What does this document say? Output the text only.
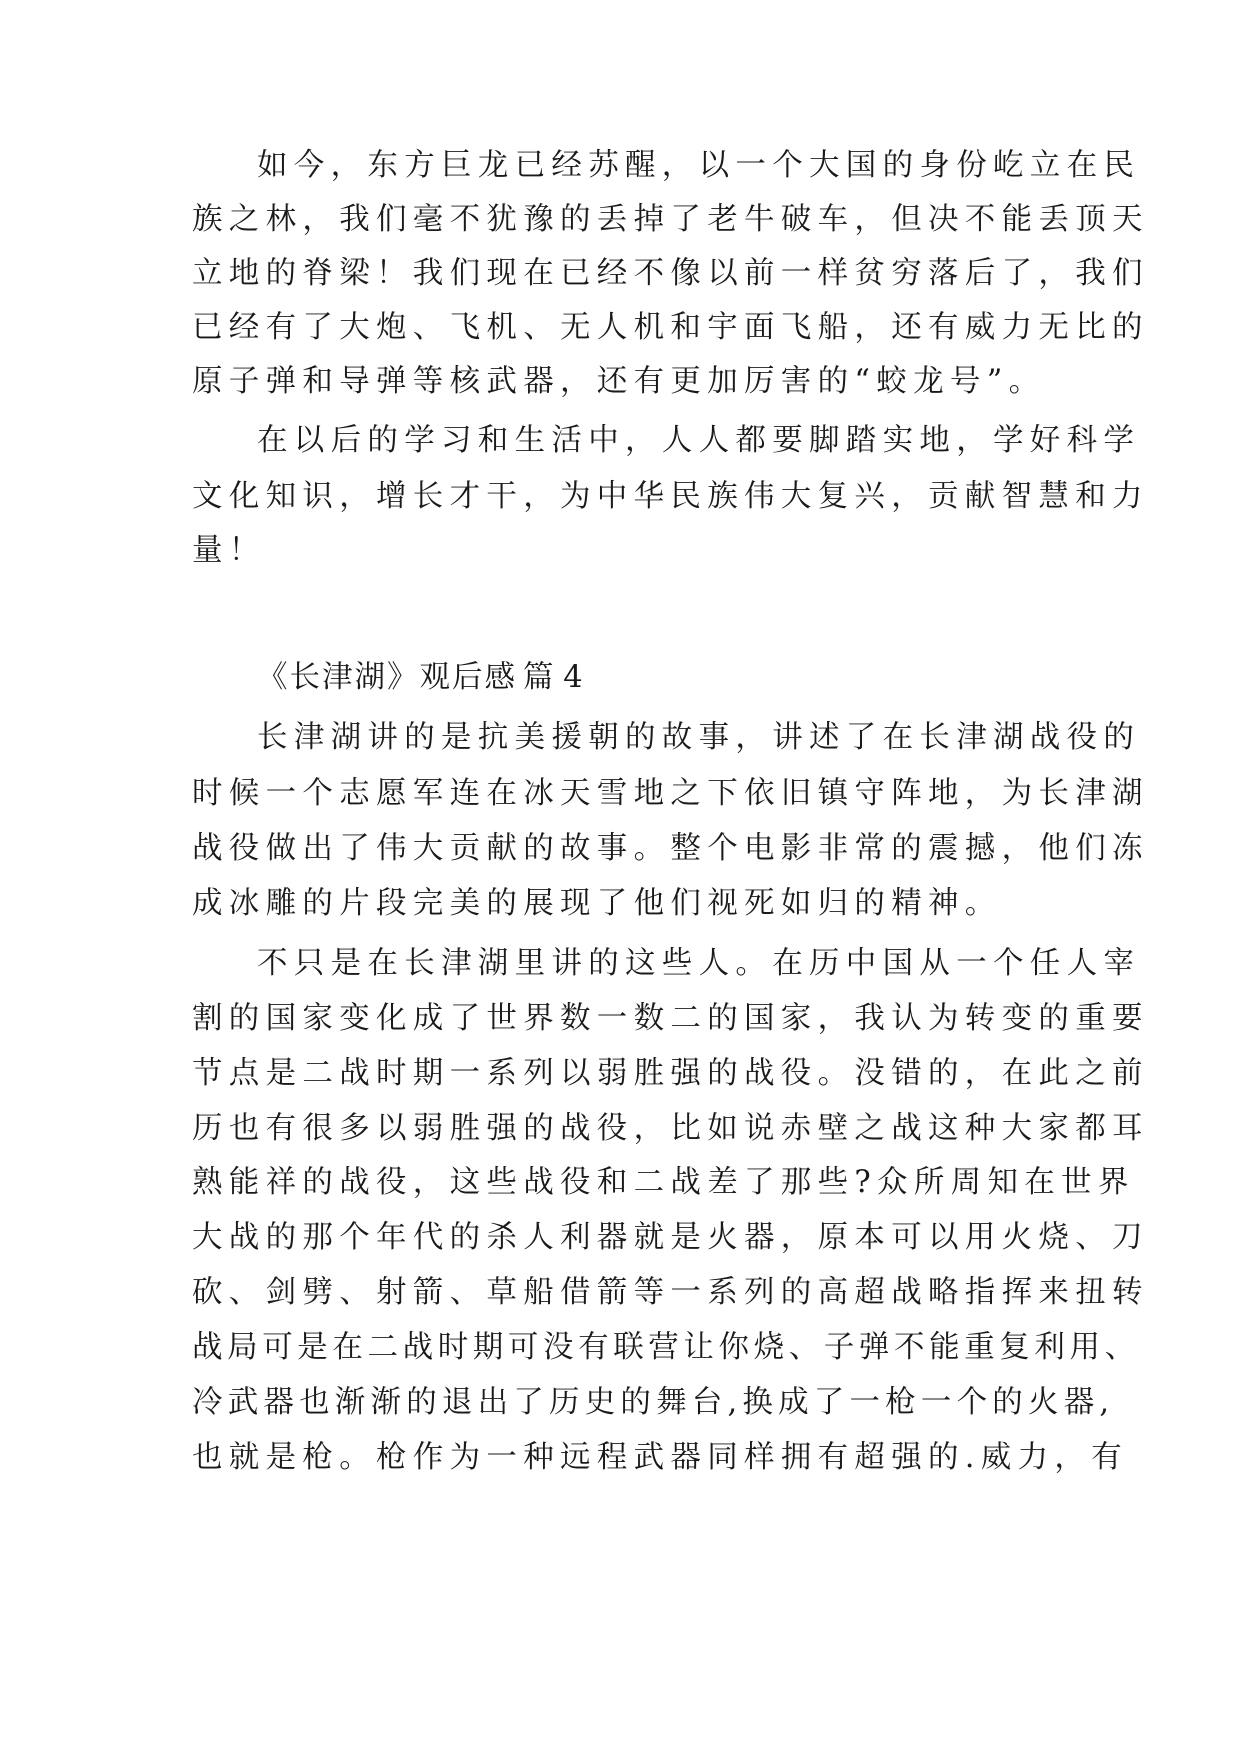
如今，东方巨龙已经苏醒，以一个大国的身份屹立在民
族之林，我们毫不犹豫的丢掉了老牛破车，但决不能丢顶天
立地的脊梁！我们现在已经不像以前一样贫穷落后了，我们
已经有了大炮、飞机、无人机和宇面飞船，还有威力无比的
原子弹和导弹等核武器，还有更加厉害的“蛟龙号”。
在以后的学习和生活中，人人都要脚踏实地，学好科学
文化知识，增长才干，为中华民族伟大复兴，贡献智慧和力
量！
《长津湖》观后感 篇 4
长津湖讲的是抗美援朝的故事，讲述了在长津湖战役的
时候一个志愿军连在冰天雪地之下依旧镇守阵地，为长津湖
战役做出了伟大贡献的故事。整个电影非常的震撼，他们冻
成冰雕的片段完美的展现了他们视死如归的精神。
不只是在长津湖里讲的这些人。在历中国从一个任人宰
割的国家变化成了世界数一数二的国家，我认为转变的重要
节点是二战时期一系列以弱胜强的战役。没错的，在此之前
历也有很多以弱胜强的战役，比如说赤壁之战这种大家都耳
熟能祥的战役，这些战役和二战差了那些?众所周知在世界
大战的那个年代的杀人利器就是火器，原本可以用火烧、刀
砍、剑劈、射箭、草船借箭等一系列的高超战略指挥来扭转
战局可是在二战时期可没有联营让你烧、子弹不能重复利用、
冷武器也渐渐的退出了历史的舞台,换成了一枪一个的火器,
也就是枪。枪作为一种远程武器同样拥有超强的.威力，有
